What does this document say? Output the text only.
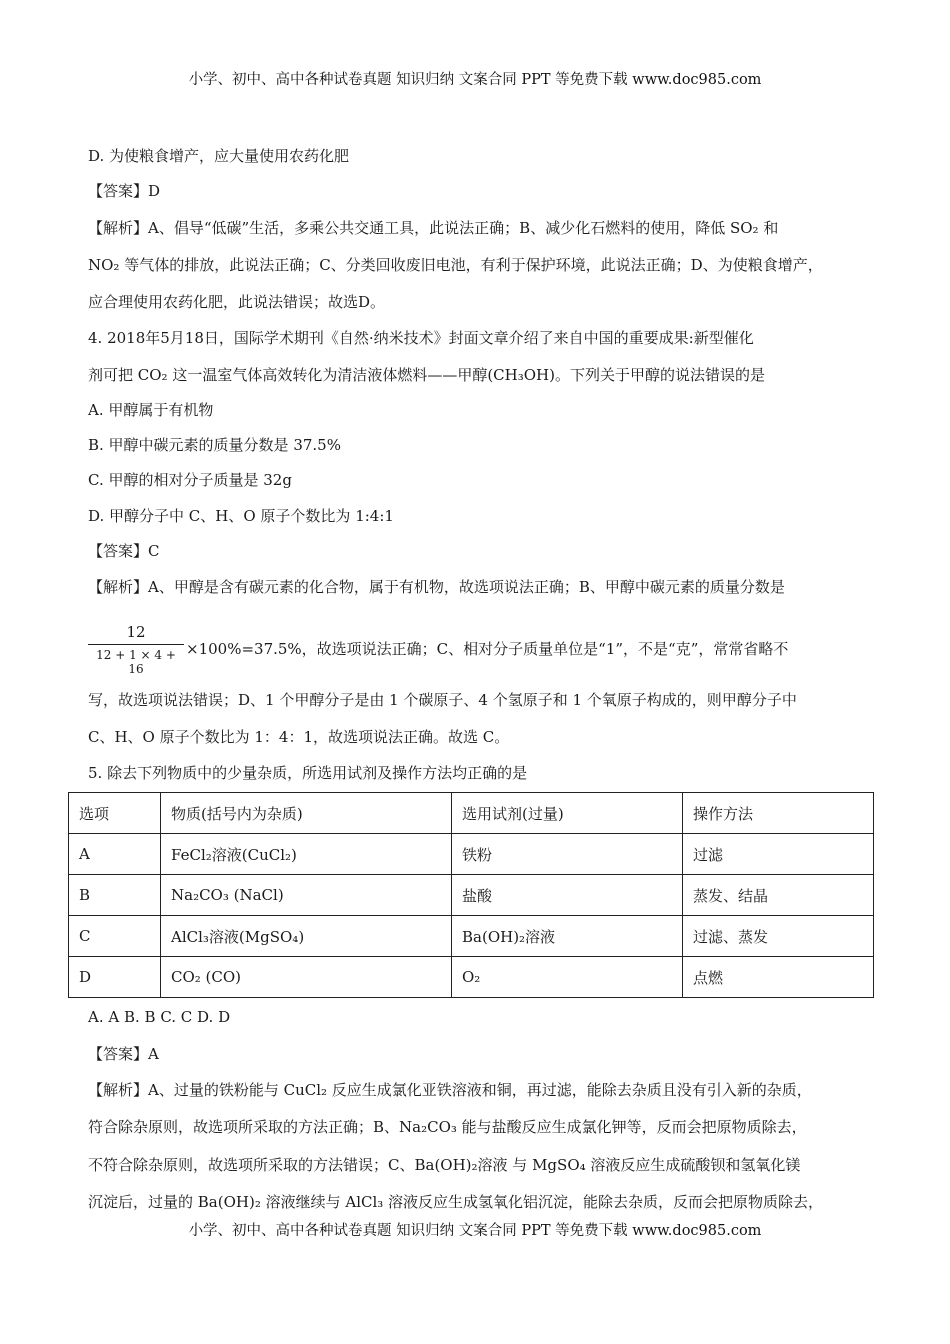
小学、初中、高中各种试卷真题 知识归纳 文案合同 PPT 等免费下载 www.doc985.com
D. 为使粮食增产，应大量使用农药化肥
【答案】D
【解析】A、倡导“低碳”生活，多乘公共交通工具，此说法正确；B、减少化石燃料的使用，降低 SO₂ 和
NO₂ 等气体的排放，此说法正确；C、分类回收废旧电池，有利于保护环境，此说法正确；D、为使粮食增产，
应合理使用农药化肥，此说法错误；故选D。
4. 2018年5月18日，国际学术期刊《自然·纳米技术》封面文章介绍了来自中国的重要成果:新型催化
剂可把 CO₂ 这一温室气体高效转化为清洁液体燃料——甲醇(CH₃OH)。下列关于甲醇的说法错误的是
A. 甲醇属于有机物
B. 甲醇中碳元素的质量分数是 37.5%
C. 甲醇的相对分子质量是 32g
D. 甲醇分子中 C、H、O 原子个数比为 1:4:1
【答案】C
【解析】A、甲醇是含有碳元素的化合物，属于有机物，故选项说法正确；B、甲醇中碳元素的质量分数是
12
12 + 1 × 4 + 16
×100%=37.5%，故选项说法正确；C、相对分子质量单位是“1”，不是“克”，常常省略不
写，故选项说法错误；D、1 个甲醇分子是由 1 个碳原子、4 个氢原子和 1 个氧原子构成的，则甲醇分子中
C、H、O 原子个数比为 1：4：1，故选项说法正确。故选 C。
5. 除去下列物质中的少量杂质，所选用试剂及操作方法均正确的是
选项	物质(括号内为杂质)	选用试剂(过量)	操作方法
A	FeCl₂溶液(CuCl₂)	铁粉	过滤
B	Na₂CO₃ (NaCl)	盐酸	蒸发、结晶
C	AlCl₃溶液(MgSO₄)	Ba(OH)₂溶液	过滤、蒸发
D	CO₂ (CO)	O₂	点燃
A. A B. B C. C D. D
【答案】A
【解析】A、过量的铁粉能与 CuCl₂ 反应生成氯化亚铁溶液和铜，再过滤，能除去杂质且没有引入新的杂质，
符合除杂原则，故选项所采取的方法正确；B、Na₂CO₃ 能与盐酸反应生成氯化钾等，反而会把原物质除去，
不符合除杂原则，故选项所采取的方法错误；C、Ba(OH)₂溶液 与 MgSO₄ 溶液反应生成硫酸钡和氢氧化镁
沉淀后，过量的 Ba(OH)₂ 溶液继续与 AlCl₃ 溶液反应生成氢氧化铝沉淀，能除去杂质，反而会把原物质除去，
小学、初中、高中各种试卷真题 知识归纳 文案合同 PPT 等免费下载 www.doc985.com
